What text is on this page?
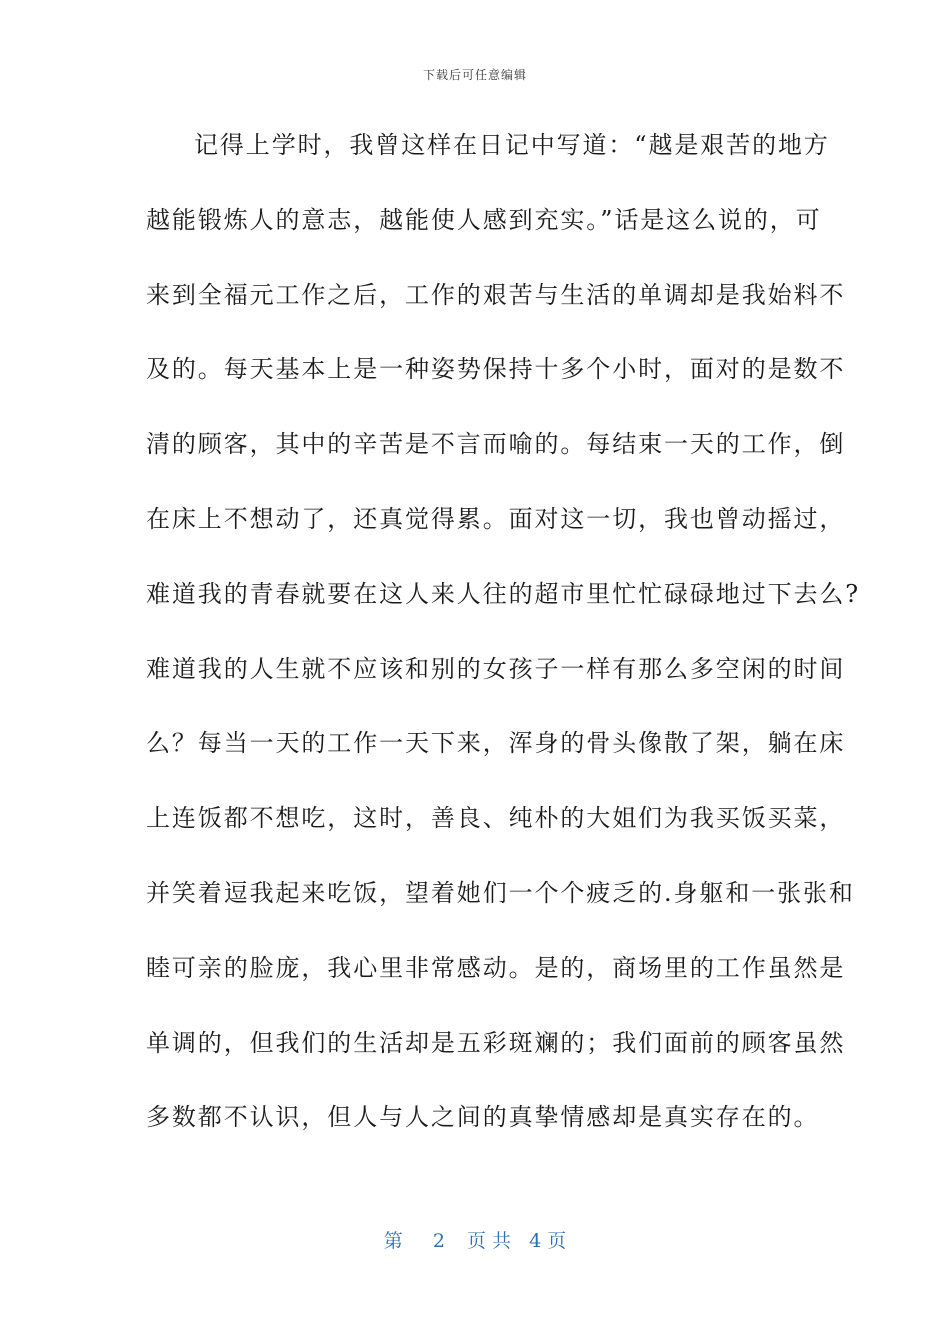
下载后可任意编辑
记得上学时，我曾这样在日记中写道：“越是艰苦的地方
越能锻炼人的意志，越能使人感到充实。”话是这么说的，可
来到全福元工作之后，工作的艰苦与生活的单调却是我始料不
及的。每天基本上是一种姿势保持十多个小时，面对的是数不
清的顾客，其中的辛苦是不言而喻的。每结束一天的工作，倒
在床上不想动了，还真觉得累。面对这一切，我也曾动摇过，
难道我的青春就要在这人来人往的超市里忙忙碌碌地过下去么?
难道我的人生就不应该和别的女孩子一样有那么多空闲的时间
么？每当一天的工作一天下来，浑身的骨头像散了架，躺在床
上连饭都不想吃，这时，善良、纯朴的大姐们为我买饭买菜，
并笑着逗我起来吃饭，望着她们一个个疲乏的.身躯和一张张和
睦可亲的脸庞，我心里非常感动。是的，商场里的工作虽然是
单调的，但我们的生活却是五彩斑斓的；我们面前的顾客虽然
多数都不认识，但人与人之间的真挚情感却是真实存在的。
第 2 页 共 4 页
